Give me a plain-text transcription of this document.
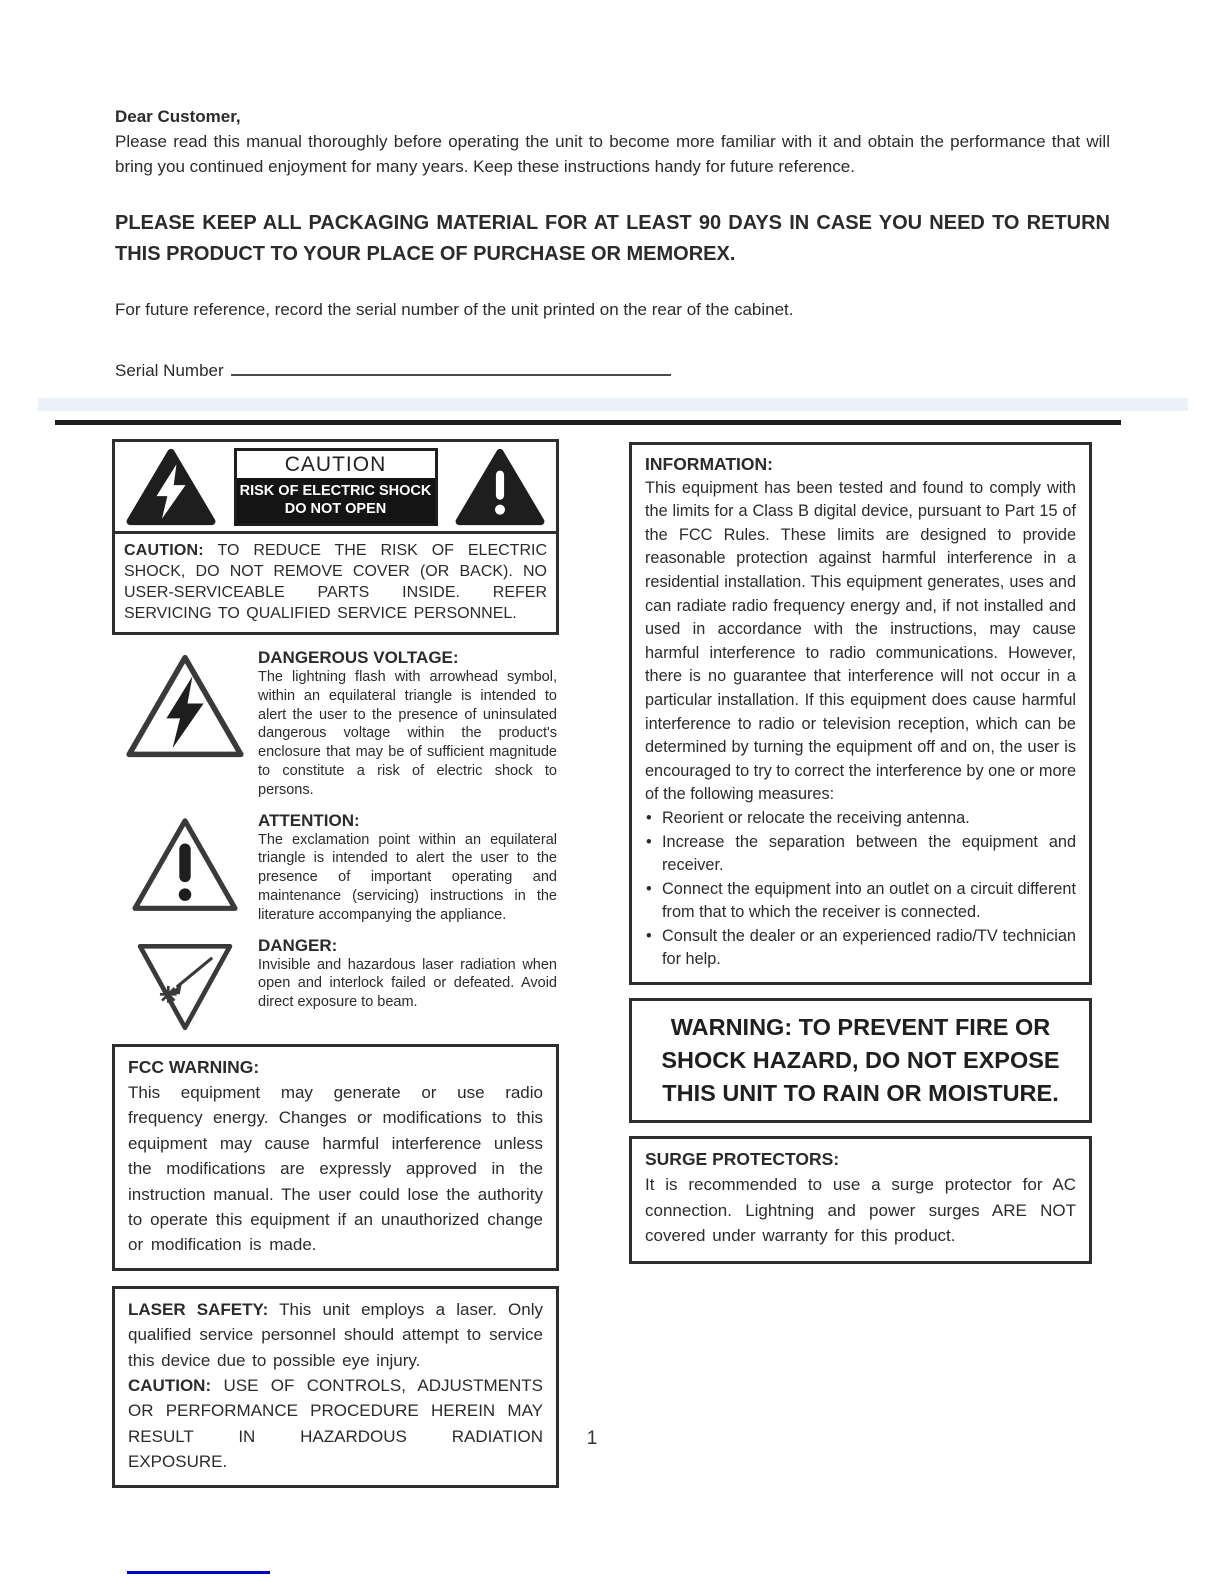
Dear Customer,
Please read this manual thoroughly before operating the unit to become more familiar with it and obtain the performance that will bring you continued enjoyment for many years. Keep these instructions handy for future reference.
PLEASE KEEP ALL PACKAGING MATERIAL FOR AT LEAST 90 DAYS IN CASE YOU NEED TO RETURN THIS PRODUCT TO YOUR PLACE OF PURCHASE OR MEMOREX.
For future reference, record the serial number of the unit printed on the rear of the cabinet.
Serial Number
CAUTION
RISK OF ELECTRIC SHOCK
DO NOT OPEN
CAUTION: TO REDUCE THE RISK OF ELECTRIC SHOCK, DO NOT REMOVE COVER (OR BACK). NO USER-SERVICEABLE PARTS INSIDE. REFER SERVICING TO QUALIFIED SERVICE PERSONNEL.
DANGEROUS VOLTAGE:
The lightning flash with arrowhead symbol, within an equilateral triangle is intended to alert the user to the presence of uninsulated dangerous voltage within the product's enclosure that may be of sufficient magnitude to constitute a risk of electric shock to persons.
ATTENTION:
The exclamation point within an equilateral triangle is intended to alert the user to the presence of important operating and maintenance (servicing) instructions in the literature accompanying the appliance.
DANGER:
Invisible and hazardous laser radiation when open and interlock failed or defeated. Avoid direct exposure to beam.
FCC WARNING:
This equipment may generate or use radio frequency energy. Changes or modifications to this equipment may cause harmful interference unless the modifications are expressly approved in the instruction manual. The user could lose the authority to operate this equipment if an unauthorized change or modification is made.
LASER SAFETY: This unit employs a laser. Only qualified service personnel should attempt to service this device due to possible eye injury.
CAUTION: USE OF CONTROLS, ADJUSTMENTS OR PERFORMANCE PROCEDURE HEREIN MAY RESULT IN HAZARDOUS RADIATION EXPOSURE.
INFORMATION:
This equipment has been tested and found to comply with the limits for a Class B digital device, pursuant to Part 15 of the FCC Rules. These limits are designed to provide reasonable protection against harmful interference in a residential installation. This equipment generates, uses and can radiate radio frequency energy and, if not installed and used in accordance with the instructions, may cause harmful interference to radio communications. However, there is no guarantee that interference will not occur in a particular installation. If this equipment does cause harmful interference to radio or television reception, which can be determined by turning the equipment off and on, the user is encouraged to try to correct the interference by one or more of the following measures:
• Reorient or relocate the receiving antenna.
• Increase the separation between the equipment and receiver.
• Connect the equipment into an outlet on a circuit different from that to which the receiver is connected.
• Consult the dealer or an experienced radio/TV technician for help.
WARNING: TO PREVENT FIRE OR SHOCK HAZARD, DO NOT EXPOSE THIS UNIT TO RAIN OR MOISTURE.
SURGE PROTECTORS:
It is recommended to use a surge protector for AC connection. Lightning and power surges ARE NOT covered under warranty for this product.
1
